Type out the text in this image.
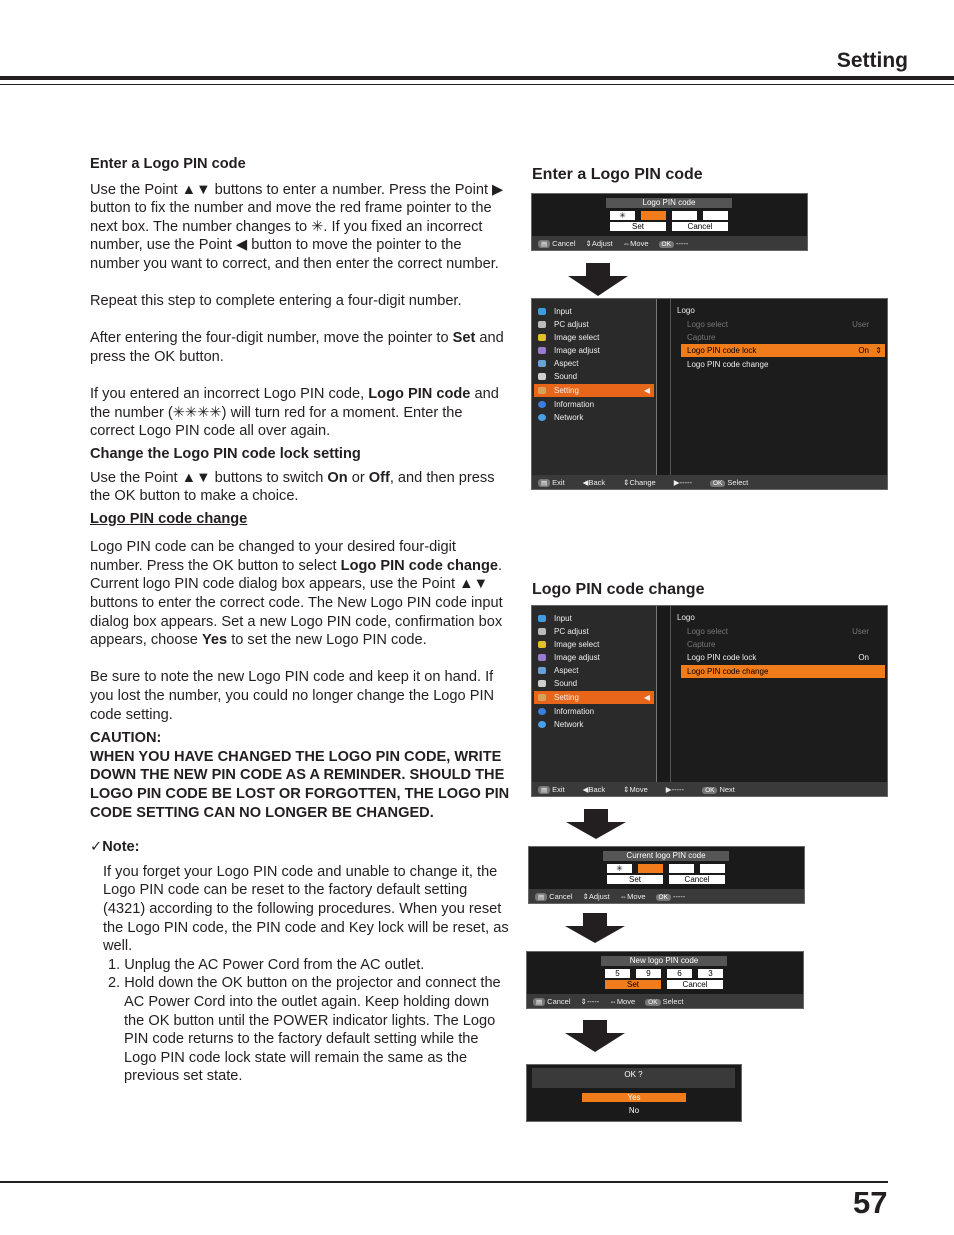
Setting

Enter a Logo PIN code

Use the Point ▲▼ buttons to enter a number. Press the Point ▶ button to fix the number and move the red frame pointer to the next box. The number changes to ✳. If you fixed an incorrect number, use the Point ◀ button to move the pointer to the number you want to correct, and then enter the correct number.

Repeat this step to complete entering a four-digit number.

After entering the four-digit number, move the pointer to Set and press the OK button.

If you entered an incorrect Logo PIN code, Logo PIN code and the number (✳✳✳✳) will turn red for a moment. Enter the correct Logo PIN code all over again.

Change the Logo PIN code lock setting

Use the Point ▲▼ buttons to switch On or Off, and then press the OK button to make a choice.

Logo PIN code change

Logo PIN code can be changed to your desired four-digit number. Press the OK button to select Logo PIN code change. Current logo PIN code dialog box appears, use the Point ▲▼ buttons to enter the correct code. The New Logo PIN code input dialog box appears. Set a new Logo PIN code, confirmation box appears, choose Yes to set the new Logo PIN code.

Be sure to note the new Logo PIN code and keep it on hand. If you lost the number, you could no longer change the Logo PIN code setting.

CAUTION:

WHEN YOU HAVE CHANGED THE LOGO PIN CODE, WRITE DOWN THE NEW PIN CODE AS A REMINDER. SHOULD THE LOGO PIN CODE BE LOST OR FORGOTTEN, THE LOGO PIN CODE SETTING CAN NO LONGER BE CHANGED.

✓Note:

If you forget your Logo PIN code and unable to change it, the Logo PIN code can be reset to the factory default setting (4321) according to the following procedures. When you reset the Logo PIN code, the PIN code and Key lock will be reset, as well.

1. Unplug the AC Power Cord from the AC outlet.

2. Hold down the OK button on the projector and connect the AC Power Cord into the outlet again. Keep holding down the OK button until the POWER indicator lights. The Logo PIN code returns to the factory default setting while the Logo PIN code lock state will remain the same as the previous set state.

Enter a Logo PIN code
Logo PIN code change
Logo PIN code
✳
Set	Cancel
▤ Cancel ⇕Adjust ⇔Move	OK -----
Input
PC adjust
Image select
Image adjust
Aspect
Sound
Setting	◀
Information
Network
Logo
Logo select	User
Capture
Logo PIN code lock	On ⇕
Logo PIN code change
▤ Exit ◀Back ⇕Change ▶-----	OK Select
Input
PC adjust
Image select
Image adjust
Aspect
Sound
Setting	◀
Information
Network
Logo
Logo select	User
Capture
Logo PIN code lock	On
Logo PIN code change
▤ Exit ◀Back ⇕Move ▶-----	OK Next
Current logo PIN code
✳
Set	Cancel
▤ Cancel ⇕Adjust ⇔Move	OK -----
New logo PIN code
5	9	6	3
Set	Cancel
▤ Cancel ⇕----- ⇔Move	OK Select
OK ?
Yes
No
57
